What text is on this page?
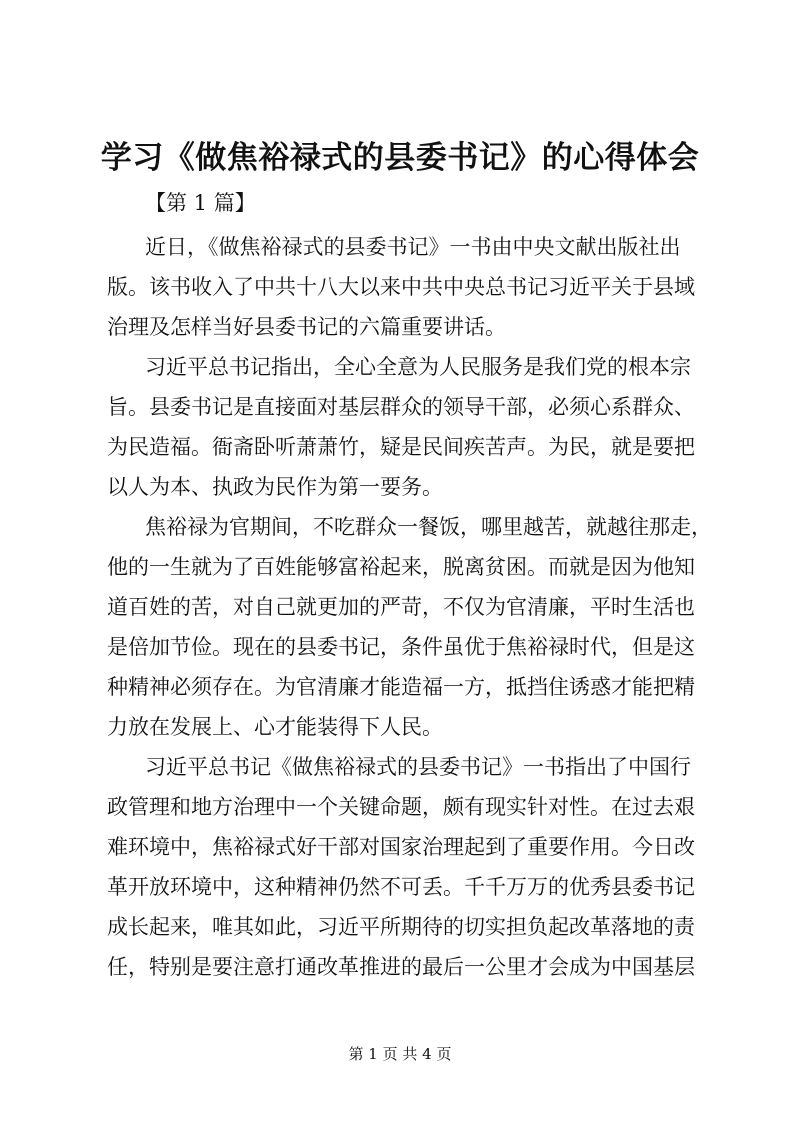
学习《做焦裕禄式的县委书记》的心得体会
【第 1 篇】
近日，《做焦裕禄式的县委书记》一书由中央文献出版社出
版。该书收入了中共十八大以来中共中央总书记习近平关于县域
治理及怎样当好县委书记的六篇重要讲话。
习近平总书记指出，全心全意为人民服务是我们党的根本宗
旨。县委书记是直接面对基层群众的领导干部，必须心系群众、
为民造福。衙斋卧听萧萧竹，疑是民间疾苦声。为民，就是要把
以人为本、执政为民作为第一要务。
焦裕禄为官期间，不吃群众一餐饭，哪里越苦，就越往那走，
他的一生就为了百姓能够富裕起来，脱离贫困。而就是因为他知
道百姓的苦，对自己就更加的严苛，不仅为官清廉，平时生活也
是倍加节俭。现在的县委书记，条件虽优于焦裕禄时代，但是这
种精神必须存在。为官清廉才能造福一方，抵挡住诱惑才能把精
力放在发展上、心才能装得下人民。
习近平总书记《做焦裕禄式的县委书记》一书指出了中国行
政管理和地方治理中一个关键命题，颇有现实针对性。在过去艰
难环境中，焦裕禄式好干部对国家治理起到了重要作用。今日改
革开放环境中，这种精神仍然不可丢。千千万万的优秀县委书记
成长起来，唯其如此，习近平所期待的切实担负起改革落地的责
任，特别是要注意打通改革推进的最后一公里才会成为中国基层
第 1 页 共 4 页
